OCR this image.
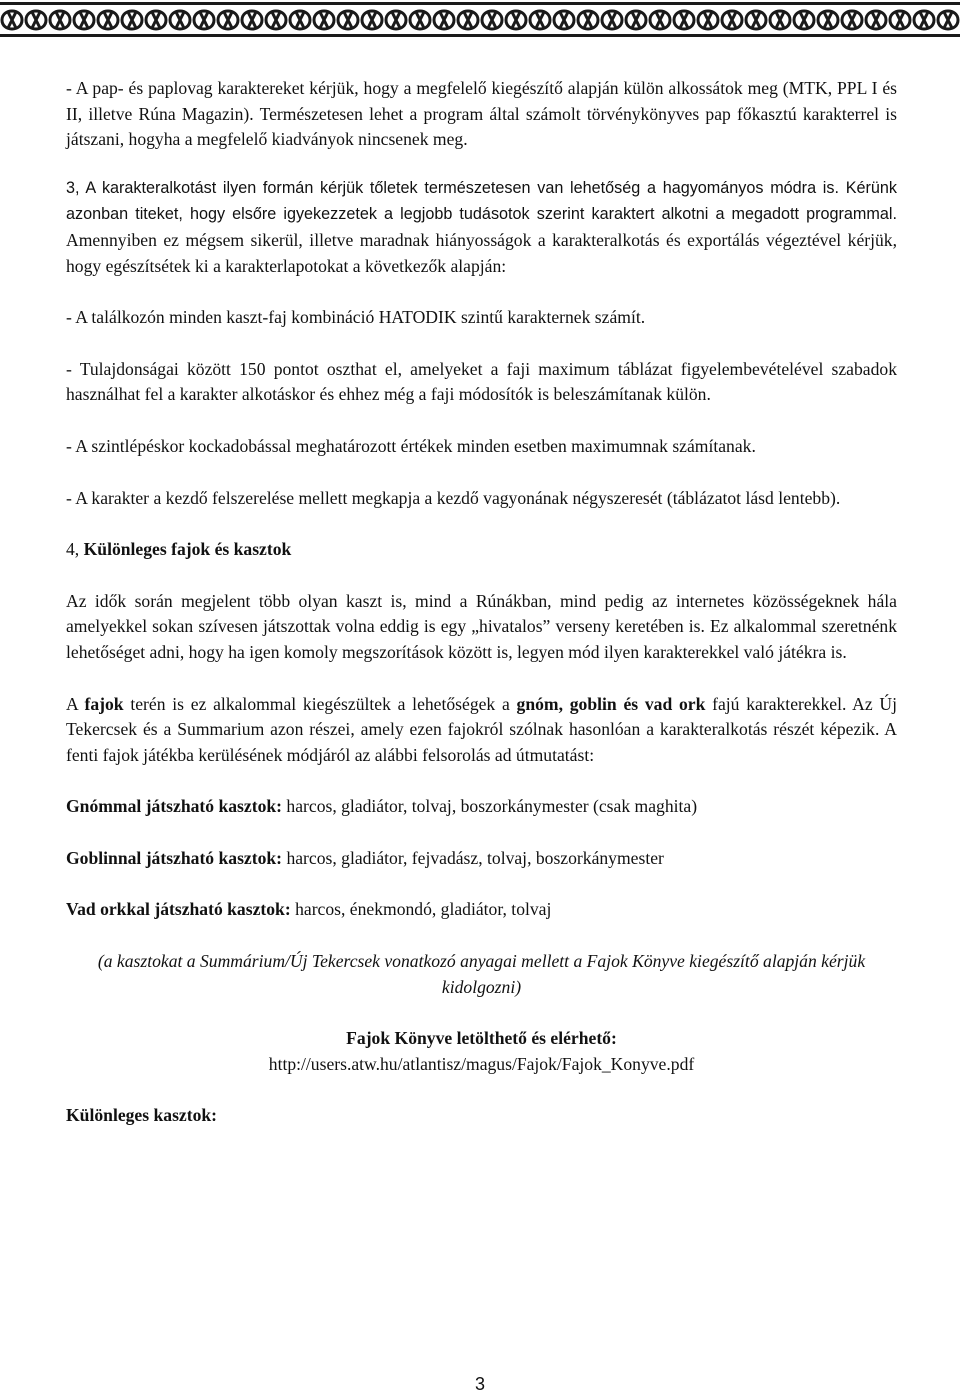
- A pap- és paplovag karaktereket kérjük, hogy a megfelelő kiegészítő alapján külön alkossátok meg (MTK, PPL I és II, illetve Rúna Magazin). Természetesen lehet a program által számolt törvénykönyves pap főkasztú karakterrel is játszani, hogyha a megfelelő kiadványok nincsenek meg.

3, A karakteralkotást ilyen formán kérjük tőletek természetesen van lehetőség a hagyományos módra is. Kérünk azonban titeket, hogy elsőre igyekezzetek a legjobb tudásotok szerint karaktert alkotni a megadott programmal. Amennyiben ez mégsem sikerül, illetve maradnak hiányosságok a karakteralkotás és exportálás végeztével kérjük, hogy egészítsétek ki a karakterlapotokat a következők alapján:

- A találkozón minden kaszt-faj kombináció HATODIK szintű karakternek számít.

- Tulajdonságai között 150 pontot oszthat el, amelyeket a faji maximum táblázat figyelembevételével szabadok használhat fel a karakter alkotáskor és ehhez még a faji módosítók is beleszámítanak külön.

- A szintlépéskor kockadobással meghatározott értékek minden esetben maximumnak számítanak.

- A karakter a kezdő felszerelése mellett megkapja a kezdő vagyonának négyszeresét (táblázatot lásd lentebb).

4, Különleges fajok és kasztok

Az idők során megjelent több olyan kaszt is, mind a Rúnákban, mind pedig az internetes közösségeknek hála amelyekkel sokan szívesen játszottak volna eddig is egy „hivatalos” verseny keretében is. Ez alkalommal szeretnénk lehetőséget adni, hogy ha igen komoly megszorítások között is, legyen mód ilyen karakterekkel való játékra is.

A fajok terén is ez alkalommal kiegészültek a lehetőségek a gnóm, goblin és vad ork fajú karakterekkel. Az Új Tekercsek és a Summarium azon részei, amely ezen fajokról szólnak hasonlóan a karakteralkotás részét képezik. A fenti fajok játékba kerülésének módjáról az alábbi felsorolás ad útmutatást:

Gnómmal játszható kasztok: harcos, gladiátor, tolvaj, boszorkánymester (csak maghita)

Goblinnal játszható kasztok: harcos, gladiátor, fejvadász, tolvaj, boszorkánymester

Vad orkkal játszható kasztok: harcos, énekmondó, gladiátor, tolvaj

(a kasztokat a Summárium/Új Tekercsek vonatkozó anyagai mellett a Fajok Könyve kiegészítő alapján kérjük kidolgozni)

Fajok Könyve letölthető és elérhető:

http://users.atw.hu/atlantisz/magus/Fajok/Fajok_Konyve.pdf

Különleges kasztok:

3
